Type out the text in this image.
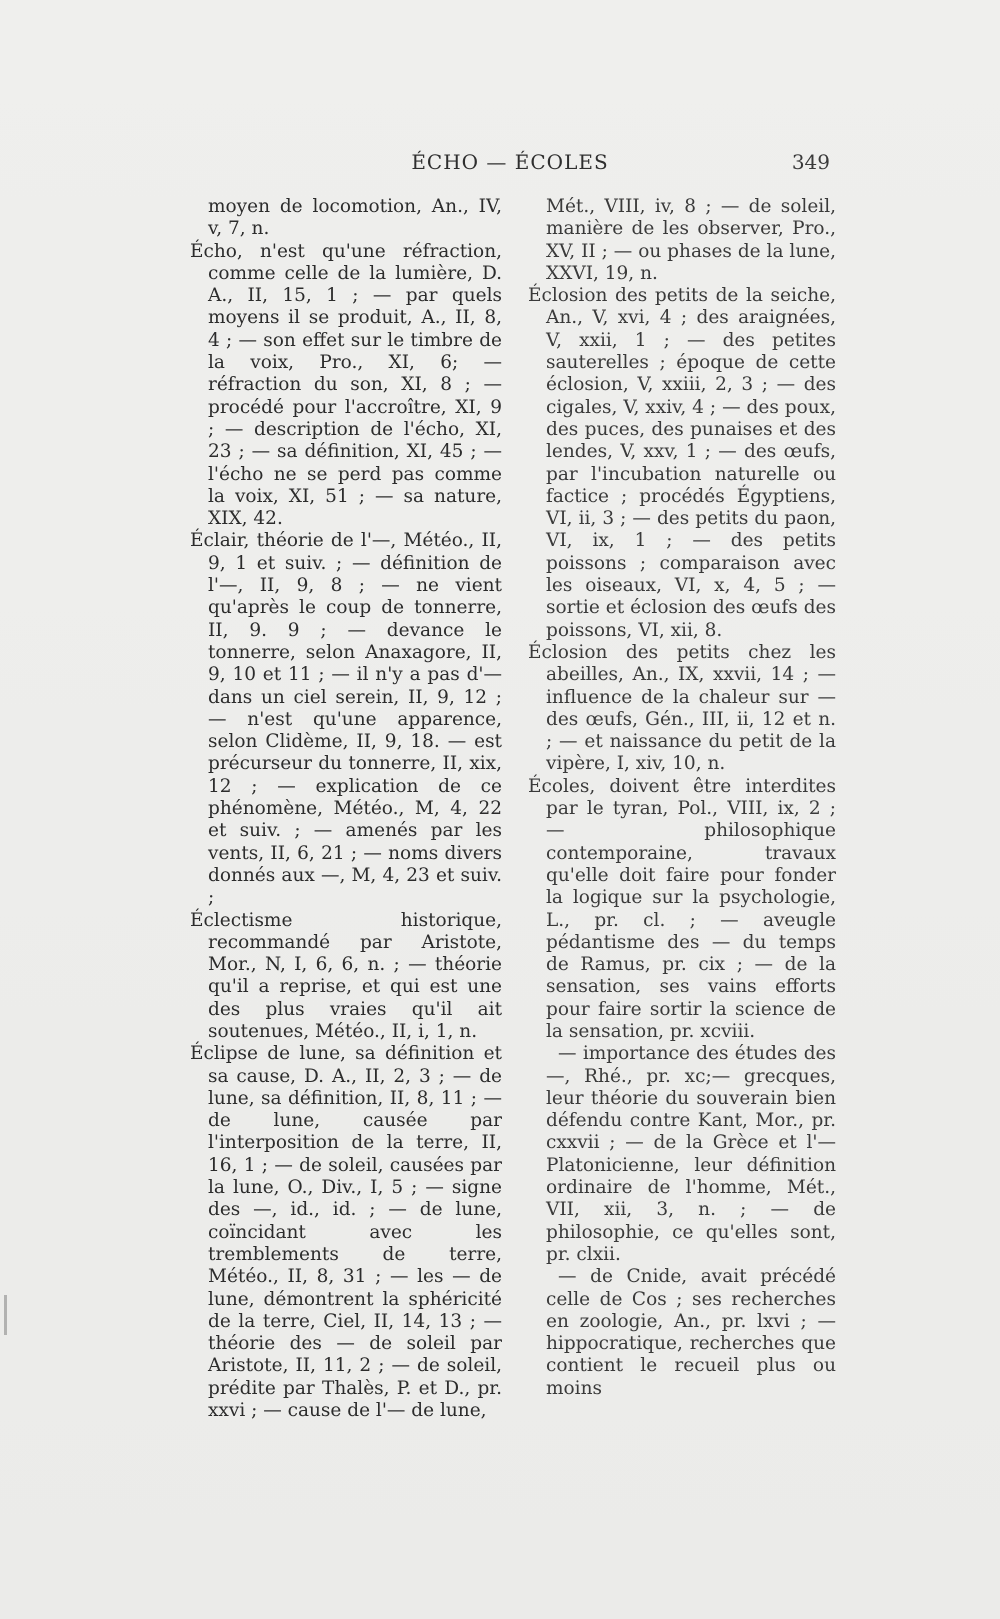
ÉCHO — ÉCOLES	349

moyen de locomotion, An., IV, v, 7, n.

Écho, n'est qu'une réfraction, comme celle de la lumière, D. A., II, 15, 1 ; — par quels moyens il se produit, A., II, 8, 4 ; — son effet sur le timbre de la voix, Pro., XI, 6; — réfraction du son, XI, 8 ; — procédé pour l'accroître, XI, 9 ; — description de l'écho, XI, 23 ; — sa définition, XI, 45 ; — l'écho ne se perd pas comme la voix, XI, 51 ; — sa nature, XIX, 42.

Éclair, théorie de l'—, Météo., II, 9, 1 et suiv. ; — définition de l'—, II, 9, 8 ; — ne vient qu'après le coup de tonnerre, II, 9. 9 ; — devance le tonnerre, selon Anaxagore, II, 9, 10 et 11 ; — il n'y a pas d'— dans un ciel serein, II, 9, 12 ; — n'est qu'une apparence, selon Clidème, II, 9, 18. — est précurseur du tonnerre, II, xix, 12 ; — explication de ce phénomène, Météo., M, 4, 22 et suiv. ; — amenés par les vents, II, 6, 21 ; — noms divers donnés aux —, M, 4, 23 et suiv. ;

Éclectisme historique, recommandé par Aristote, Mor., N, I, 6, 6, n. ; — théorie qu'il a reprise, et qui est une des plus vraies qu'il ait soutenues, Météo., II, i, 1, n.

Éclipse de lune, sa définition et sa cause, D. A., II, 2, 3 ; — de lune, sa définition, II, 8, 11 ; — de lune, causée par l'interposition de la terre, II, 16, 1 ; — de soleil, causées par la lune, O., Div., I, 5 ; — signe des —, id., id. ; — de lune, coïncidant avec les tremblements de terre, Météo., II, 8, 31 ; — les — de lune, démontrent la sphéricité de la terre, Ciel, II, 14, 13 ; — théorie des — de soleil par Aristote, II, 11, 2 ; — de soleil, prédite par Thalès, P. et D., pr. xxvi ; — cause de l'— de lune,

Mét., VIII, iv, 8 ; — de soleil, manière de les observer, Pro., XV, II ; — ou phases de la lune, XXVI, 19, n.

Éclosion des petits de la seiche, An., V, xvi, 4 ; des araignées, V, xxii, 1 ; — des petites sauterelles ; époque de cette éclosion, V, xxiii, 2, 3 ; — des cigales, V, xxiv, 4 ; — des poux, des puces, des punaises et des lendes, V, xxv, 1 ; — des œufs, par l'incubation naturelle ou factice ; procédés Égyptiens, VI, ii, 3 ; — des petits du paon, VI, ix, 1 ; — des petits poissons ; comparaison avec les oiseaux, VI, x, 4, 5 ; — sortie et éclosion des œufs des poissons, VI, xii, 8.

Éclosion des petits chez les abeilles, An., IX, xxvii, 14 ; — influence de la chaleur sur — des œufs, Gén., III, ii, 12 et n. ; — et naissance du petit de la vipère, I, xiv, 10, n.

Écoles, doivent être interdites par le tyran, Pol., VIII, ix, 2 ; — philosophique contemporaine, travaux qu'elle doit faire pour fonder la logique sur la psychologie, L., pr. cl. ; — aveugle pédantisme des — du temps de Ramus, pr. cix ; — de la sensation, ses vains efforts pour faire sortir la science de la sensation, pr. xcviii.

— importance des études des —, Rhé., pr. xc;— grecques, leur théorie du souverain bien défendu contre Kant, Mor., pr. cxxvii ; — de la Grèce et l'— Platonicienne, leur définition ordinaire de l'homme, Mét., VII, xii, 3, n. ; — de philosophie, ce qu'elles sont, pr. clxii.

— de Cnide, avait précédé celle de Cos ; ses recherches en zoologie, An., pr. lxvi ; — hippocratique, recherches que contient le recueil plus ou moins
